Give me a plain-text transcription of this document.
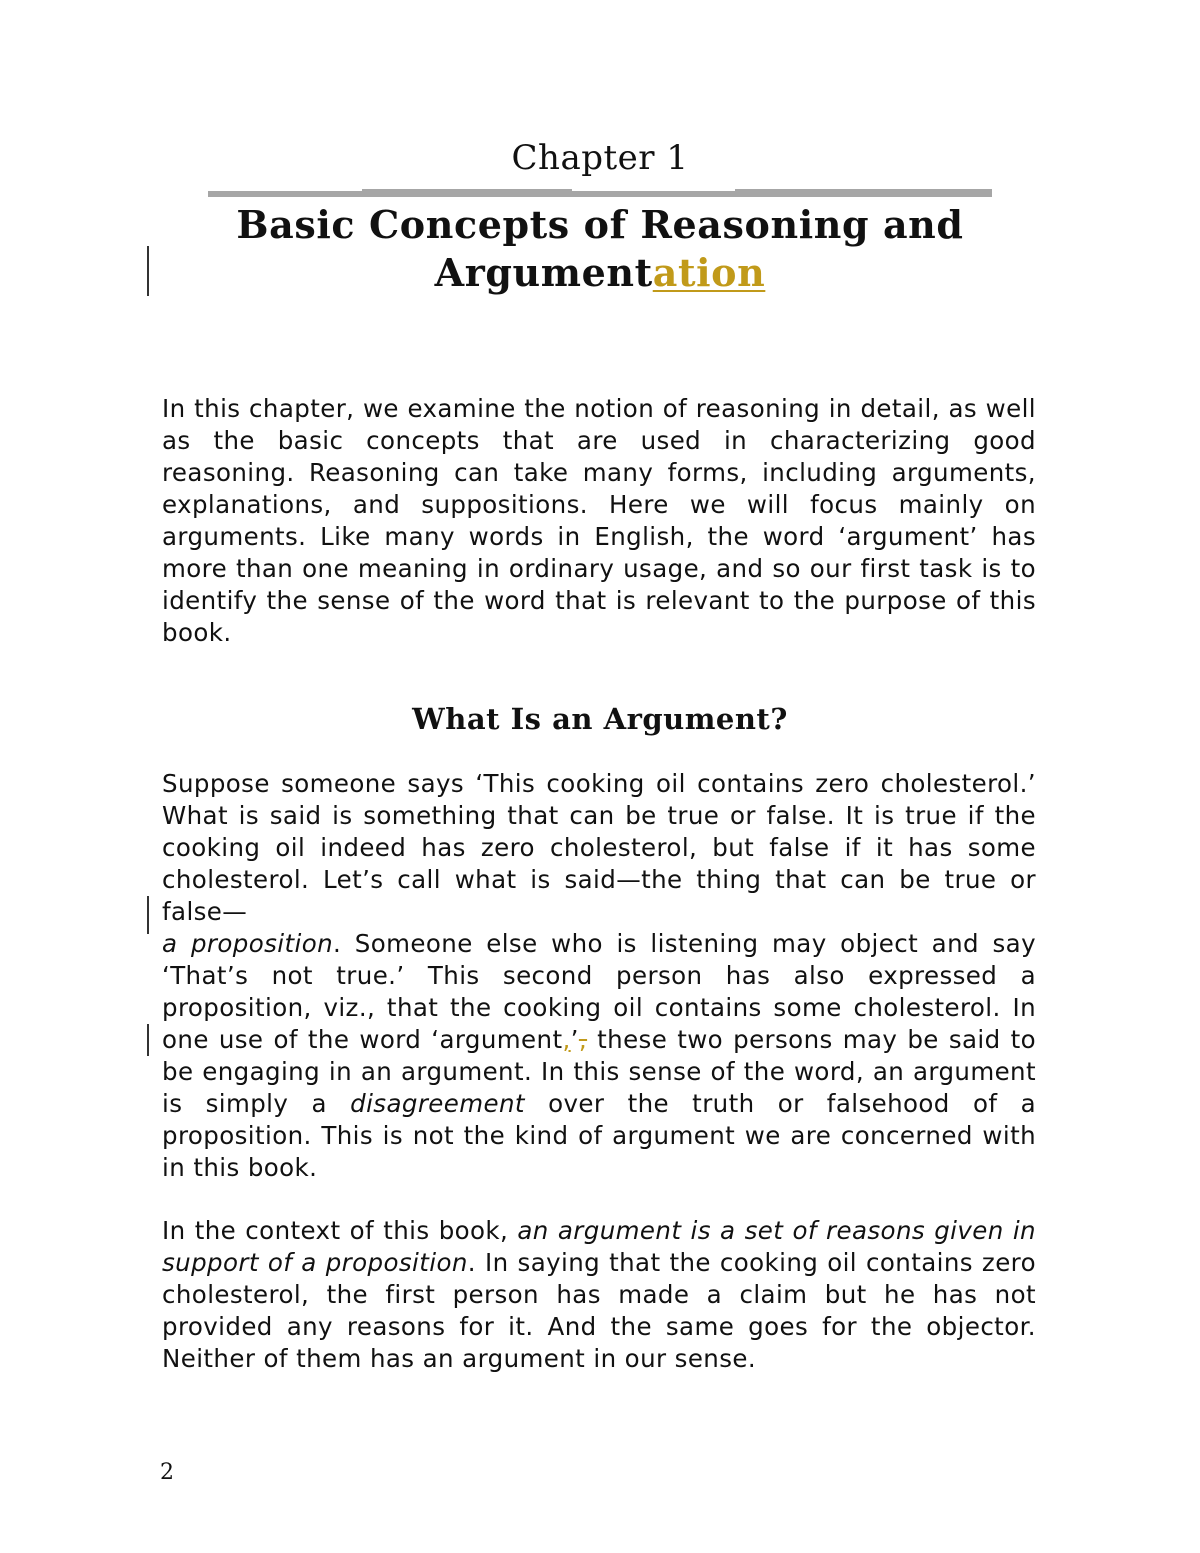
Chapter 1
Basic Concepts of Reasoning and Argumentation

In this chapter, we examine the notion of reasoning in detail, as well as the basic concepts that are used in characterizing good reasoning. Reasoning can take many forms, including arguments, explanations, and suppositions. Here we will focus mainly on arguments. Like many words in English, the word ‘argument’ has more than one meaning in ordinary usage, and so our first task is to identify the sense of the word that is relevant to the purpose of this book.

What Is an Argument?

Suppose someone says ‘This cooking oil contains zero cholesterol.’ What is said is something that can be true or false. It is true if the cooking oil indeed has zero cholesterol, but false if it has some cholesterol. Let’s call what is said—the thing that can be true or false—
a proposition. Someone else who is listening may object and say ‘That’s not true.’ This second person has also expressed a proposition, viz., that the cooking oil contains some cholesterol. In one use of the word ‘argument,’, these two persons may be said to be engaging in an argument. In this sense of the word, an argument is simply a disagreement over the truth or falsehood of a proposition. This is not the kind of argument we are concerned with in this book.

In the context of this book, an argument is a set of reasons given in support of a proposition. In saying that the cooking oil contains zero cholesterol, the first person has made a claim but he has not provided any reasons for it. And the same goes for the objector. Neither of them has an argument in our sense.

2
